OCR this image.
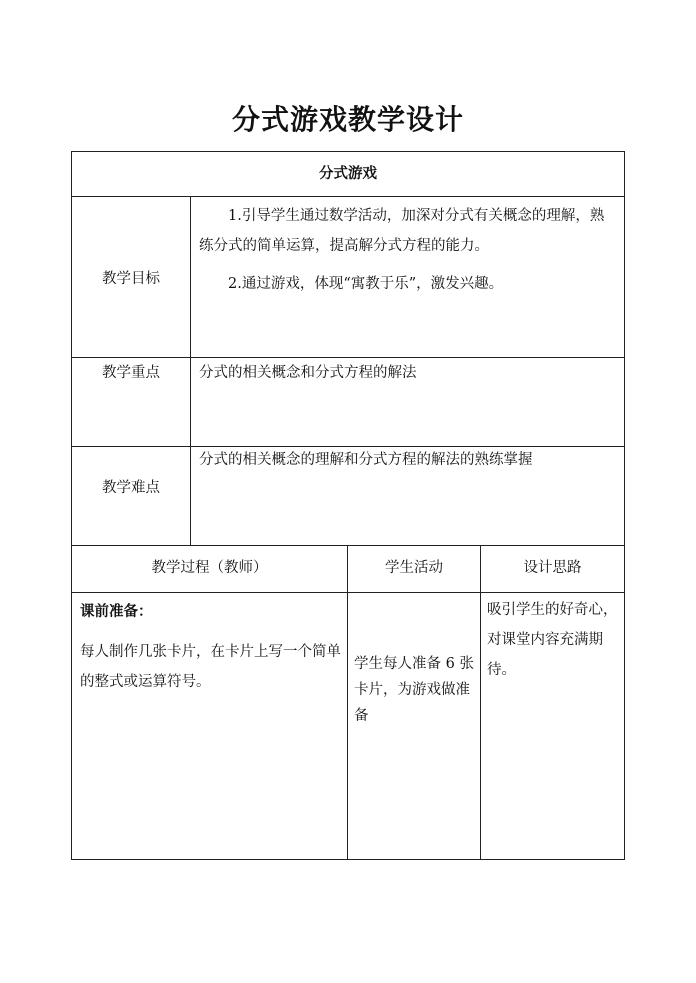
分式游戏教学设计
分式游戏			
教学目标	1.引导学生通过数学活动，加深对分式有关概念的理解，熟练分式的简单运算，提高解分式方程的能力。

2.通过游戏，体现“寓教于乐”，激发兴趣。		

教学重点	分式的相关概念和分式方程的解法		
教学难点	分式的相关概念的理解和分式方程的解法的熟练掌握		
教学过程（教师）		学生活动	设计思路

课前准备：

每人制作几张卡片，在卡片上写一个简单的整式或运算符号。		学生每人准备 6 张卡片，为游戏做准备	吸引学生的好奇心，对课堂内容充满期待。
